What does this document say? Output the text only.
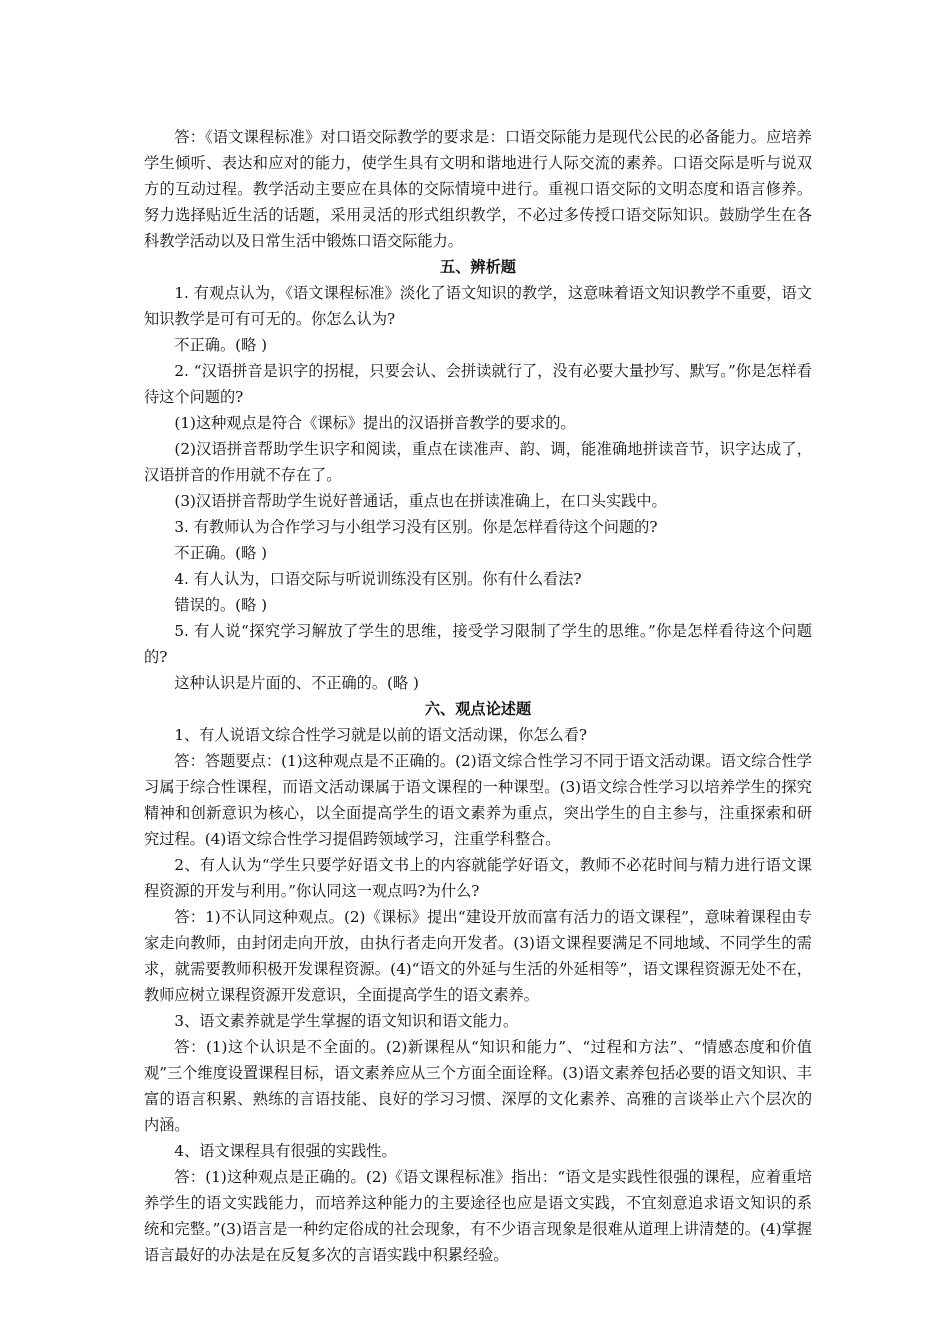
答：《语文课程标准》对口语交际教学的要求是：口语交际能力是现代公民的必备能力。应培养学生倾听、表达和应对的能力，使学生具有文明和谐地进行人际交流的素养。口语交际是听与说双方的互动过程。教学活动主要应在具体的交际情境中进行。重视口语交际的文明态度和语言修养。努力选择贴近生活的话题，采用灵活的形式组织教学，不必过多传授口语交际知识。鼓励学生在各科教学活动以及日常生活中锻炼口语交际能力。

五、辨析题

1. 有观点认为，《语文课程标准》淡化了语文知识的教学，这意味着语文知识教学不重要，语文知识教学是可有可无的。你怎么认为?

不正确。(略 )

2. “汉语拼音是识字的拐棍，只要会认、会拼读就行了，没有必要大量抄写、默写。”你是怎样看待这个问题的?

(1)这种观点是符合《课标》提出的汉语拼音教学的要求的。

(2)汉语拼音帮助学生识字和阅读，重点在读准声、韵、调，能准确地拼读音节，识字达成了，汉语拼音的作用就不存在了。

(3)汉语拼音帮助学生说好普通话，重点也在拼读准确上，在口头实践中。

3. 有教师认为合作学习与小组学习没有区别。你是怎样看待这个问题的?

不正确。(略 )

4. 有人认为，口语交际与听说训练没有区别。你有什么看法?

错误的。(略 )

5. 有人说“探究学习解放了学生的思维，接受学习限制了学生的思维。”你是怎样看待这个问题的?

这种认识是片面的、不正确的。(略 )

六、观点论述题

1、有人说语文综合性学习就是以前的语文活动课，你怎么看?

答：答题要点：(1)这种观点是不正确的。(2)语文综合性学习不同于语文活动课。语文综合性学习属于综合性课程，而语文活动课属于语文课程的一种课型。(3)语文综合性学习以培养学生的探究精神和创新意识为核心，以全面提高学生的语文素养为重点，突出学生的自主参与，注重探索和研究过程。(4)语文综合性学习提倡跨领域学习，注重学科整合。

2、有人认为“学生只要学好语文书上的内容就能学好语文，教师不必花时间与精力进行语文课程资源的开发与利用。”你认同这一观点吗?为什么?

答：1)不认同这种观点。(2)《课标》提出“建设开放而富有活力的语文课程”，意味着课程由专家走向教师，由封闭走向开放，由执行者走向开发者。(3)语文课程要满足不同地域、不同学生的需求，就需要教师积极开发课程资源。(4)“语文的外延与生活的外延相等”，语文课程资源无处不在，教师应树立课程资源开发意识，全面提高学生的语文素养。

3、语文素养就是学生掌握的语文知识和语文能力。

答：(1)这个认识是不全面的。(2)新课程从“知识和能力”、“过程和方法”、“情感态度和价值观”三个维度设置课程目标，语文素养应从三个方面全面诠释。(3)语文素养包括必要的语文知识、丰富的语言积累、熟练的言语技能、良好的学习习惯、深厚的文化素养、高雅的言谈举止六个层次的内涵。

4、语文课程具有很强的实践性。

答：(1)这种观点是正确的。(2)《语文课程标准》指出：“语文是实践性很强的课程，应着重培养学生的语文实践能力，而培养这种能力的主要途径也应是语文实践，不宜刻意追求语文知识的系统和完整。”(3)语言是一种约定俗成的社会现象，有不少语言现象是很难从道理上讲清楚的。(4)掌握语言最好的办法是在反复多次的言语实践中积累经验。
